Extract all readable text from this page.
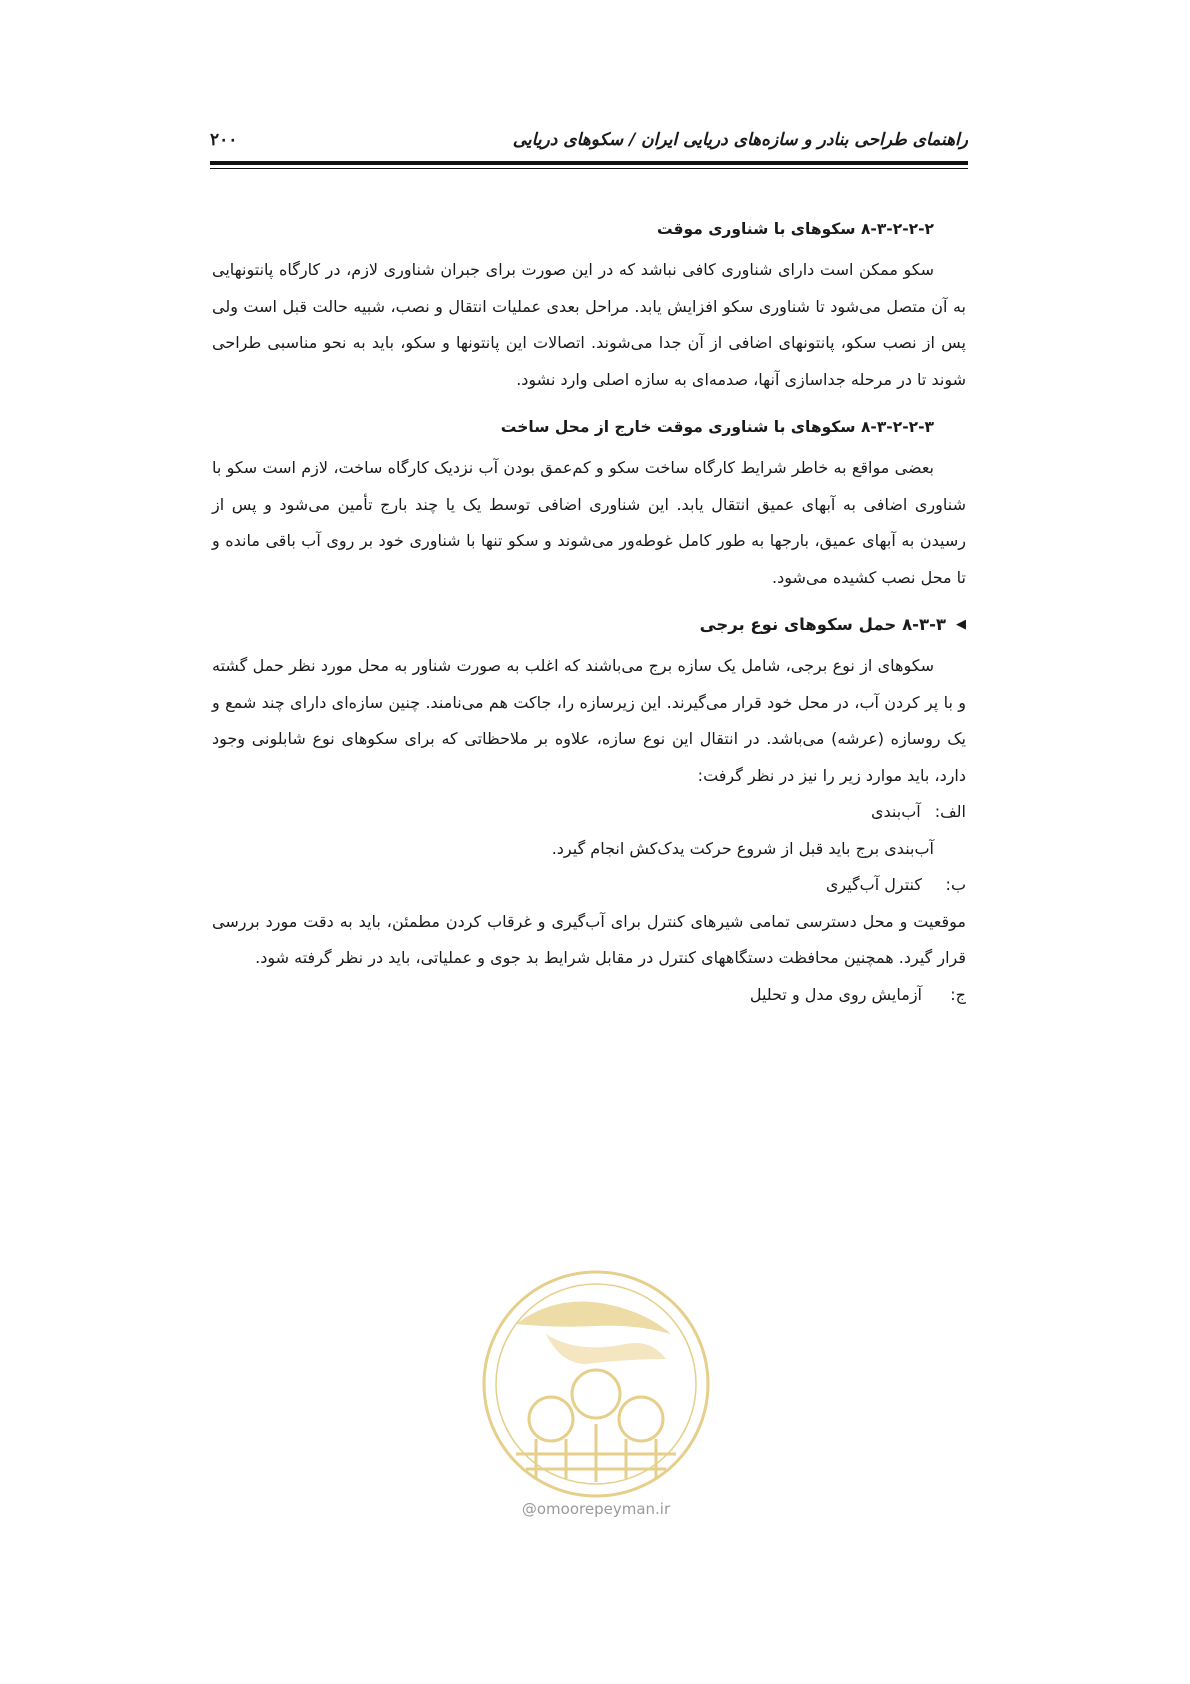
راهنمای طراحی بنادر و سازه‌های دریایی ایران / سکوهای دریایی
۲۰۰

۸-۳-۲-۲-۲ سکوهای با شناوری موقت

سکو ممکن است دارای شناوری کافی نباشد که در این صورت برای جبران شناوری لازم، در کارگاه پانتونهایی به آن متصل می‌شود تا شناوری سکو افزایش یابد. مراحل بعدی عملیات انتقال و نصب، شبیه حالت قبل است ولی پس از نصب سکو، پانتونهای اضافی از آن جدا می‌شوند. اتصالات این پانتونها و سکو، باید به نحو مناسبی طراحی شوند تا در مرحله جداسازی آنها، صدمه‌ای به سازه اصلی وارد نشود.

۸-۳-۲-۲-۳ سکوهای با شناوری موقت خارج از محل ساخت

بعضی مواقع به خاطر شرایط کارگاه ساخت سکو و کم‌عمق بودن آب نزدیک کارگاه ساخت، لازم است سکو با شناوری اضافی به آبهای عمیق انتقال یابد. این شناوری اضافی توسط یک یا چند بارج تأمین می‌شود و پس از رسیدن به آبهای عمیق، بارجها به طور کامل غوطه‌ور می‌شوند و سکو تنها با شناوری خود بر روی آب باقی مانده و تا محل نصب کشیده می‌شود.

◀
۸-۳-۳ حمل سکوهای نوع برجی

سکوهای از نوع برجی، شامل یک سازه برج می‌باشند که اغلب به صورت شناور به محل مورد نظر حمل گشته و با پر کردن آب، در محل خود قرار می‌گیرند. این زیرسازه را، جاکت هم می‌نامند. چنین سازه‌ای دارای چند شمع و یک روسازه (عرشه) می‌باشد. در انتقال این نوع سازه، علاوه بر ملاحظاتی که برای سکوهای نوع شابلونی وجود دارد، باید موارد زیر را نیز در نظر گرفت:

الف:
آب‌بندی

آب‌بندی برج باید قبل از شروع حرکت یدک‌کش انجام گیرد.

ب:
کنترل آب‌گیری

موقعیت و محل دسترسی تمامی شیرهای کنترل برای آب‌گیری و غرقاب کردن مطمئن، باید به دقت مورد بررسی قرار گیرد. همچنین محافظت دستگاههای کنترل در مقابل شرایط بد جوی و عملیاتی، باید در نظر گرفته شود.

ج:
آزمایش روی مدل و تحلیل

@omoorepeyman.ir
